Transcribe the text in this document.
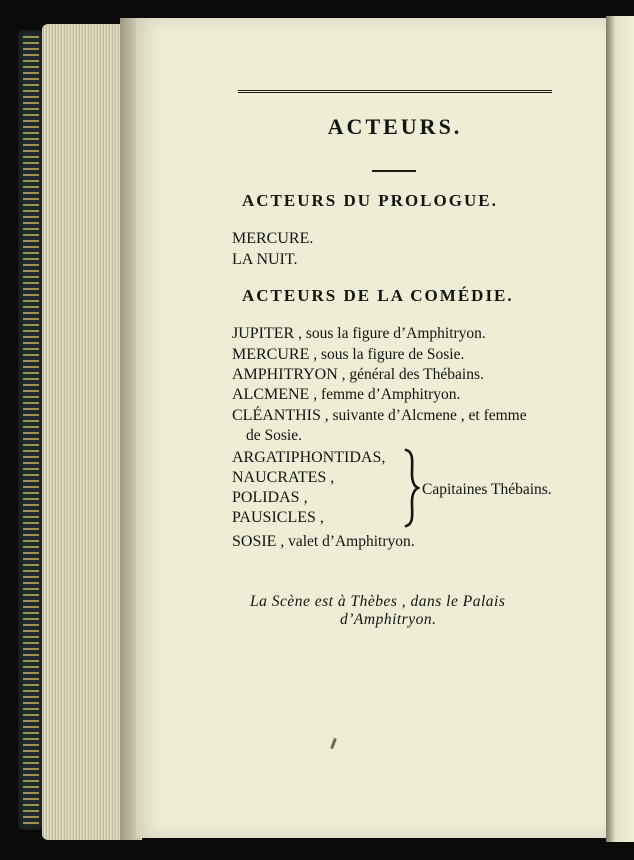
ACTEURS.

ACTEURS DU PROLOGUE.

MERCURE.

LA NUIT.

ACTEURS DE LA COMÉDIE.

JUPITER , sous la figure d’Amphitryon.

MERCURE , sous la figure de Sosie.

AMPHITRYON , général des Thébains.

ALCMENE , femme d’Amphitryon.

CLÉANTHIS , suivante d’Alcmene , et femme

de Sosie.

ARGATIPHONTIDAS,

NAUCRATES ,

POLIDAS ,

PAUSICLES ,

Capitaines Thébains.

SOSIE , valet d’Amphitryon.

La Scène est à Thèbes , dans le Palais

d’Amphitryon.
